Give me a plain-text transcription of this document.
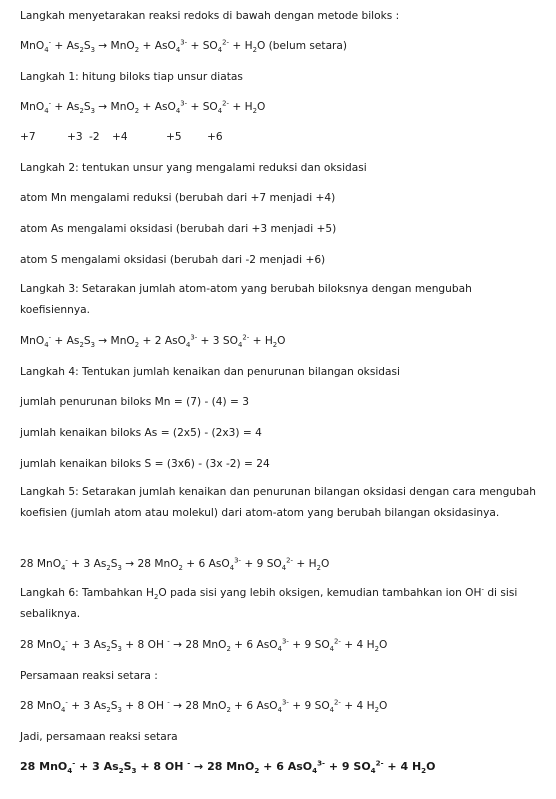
Langkah menyetarakan reaksi redoks di bawah dengan metode biloks :

$MnO_4^- + As_2S_3 \to MnO_2 + AsO_4^{3-} + SO_4^{2-} + H_2O$ (belum setara)

Langkah 1: hitung biloks tiap unsur diatas

$MnO_4^- + As_2S_3 \to MnO_2 + AsO_4^{3-} + SO_4^{2-} + H_2O$

+7	+3 -2 +4	+5 +6

Langkah 2: tentukan unsur yang mengalami reduksi dan oksidasi

atom Mn mengalami reduksi (berubah dari +7 menjadi +4)

atom As mengalami oksidasi (berubah dari +3 menjadi +5)

atom S mengalami oksidasi (berubah dari -2 menjadi +6)

Langkah 3: Setarakan jumlah atom-atom yang berubah biloksnya dengan mengubah koefisiennya.

$MnO_4^- + As_2S_3 \to MnO_2 + 2$ AsO$_4^{3-}$ + 3 $SO_4^{2-} + H_2O$

Langkah 4: Tentukan jumlah kenaikan dan penurunan bilangan oksidasi

jumlah penurunan biloks Mn = (7) - (4) = 3

jumlah kenaikan biloks As = (2x5) - (2x3) = 4

jumlah kenaikan biloks S = (3x6) - (3x -2) = 24

Langkah 5: Setarakan jumlah kenaikan dan penurunan bilangan oksidasi dengan cara mengubah koefisien (jumlah atom atau molekul) dari atom-atom yang berubah bilangan oksidasinya.

28 MnO$_4$- + 3 $As_2S_3 \to 28$ MnO$_2$ + 6 AsO$_4^{3-}$ + 9 $SO_4^{2-} + H_2O$

Langkah 6: Tambahkan $H_2O$ pada sisi yang lebih oksigen, kemudian tambahkan ion OH- di sisi sebaliknya.

28 MnO$_4$- + 3 $As_2S_3 + 8$ OH - → 28 MnO$_2$ + 6 AsO$_4^{3-}$ + 9 $SO_4^{2-} + 4$ $H_2O$

Persamaan reaksi setara :

28 MnO$_4$- + 3 $As_2S_3 + 8$ OH - → 28 MnO$_2$ + 6 AsO$_4^{3-}$ + 9 $SO_4^{2-} + 4$ $H_2O$

Jadi, persamaan reaksi setara

28 MnO$_4$- + 3 $As_2S_3 + 8$ OH - → 28 MnO$_2$ + 6 AsO$_4^{3-}$ + 9 $SO_4^{2-} + 4$ $H_2O$
